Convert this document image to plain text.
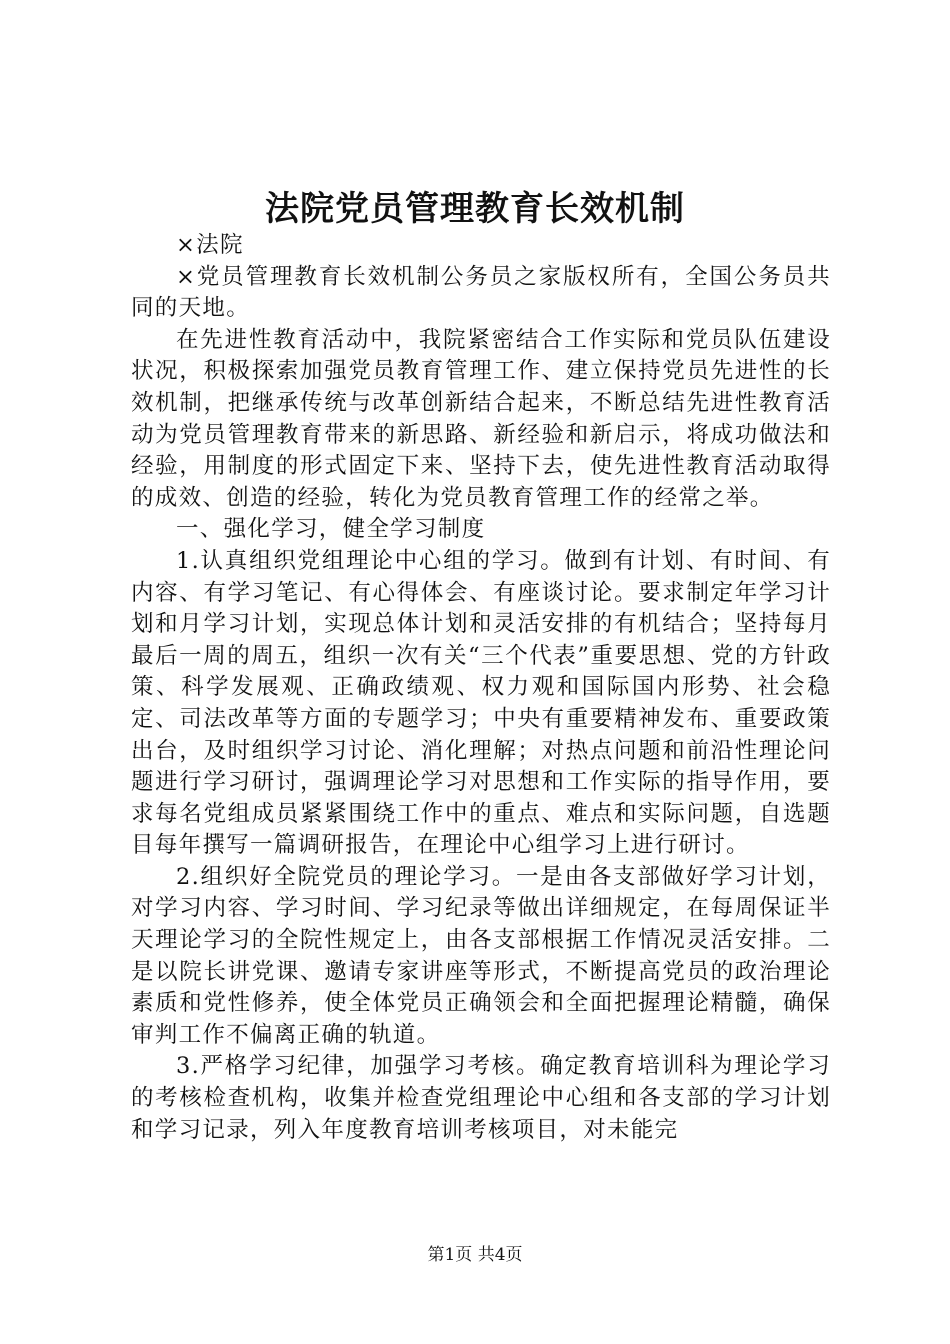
法院党员管理教育长效机制

×法院

×党员管理教育长效机制公务员之家版权所有，全国公务员共同的天地。

在先进性教育活动中，我院紧密结合工作实际和党员队伍建设状况，积极探索加强党员教育管理工作、建立保持党员先进性的长效机制，把继承传统与改革创新结合起来，不断总结先进性教育活动为党员管理教育带来的新思路、新经验和新启示，将成功做法和经验，用制度的形式固定下来、坚持下去，使先进性教育活动取得的成效、创造的经验，转化为党员教育管理工作的经常之举。

一、强化学习，健全学习制度

1.认真组织党组理论中心组的学习。做到有计划、有时间、有内容、有学习笔记、有心得体会、有座谈讨论。要求制定年学习计划和月学习计划，实现总体计划和灵活安排的有机结合；坚持每月最后一周的周五，组织一次有关“三个代表”重要思想、党的方针政策、科学发展观、正确政绩观、权力观和国际国内形势、社会稳定、司法改革等方面的专题学习；中央有重要精神发布、重要政策出台，及时组织学习讨论、消化理解；对热点问题和前沿性理论问题进行学习研讨，强调理论学习对思想和工作实际的指导作用，要求每名党组成员紧紧围绕工作中的重点、难点和实际问题，自选题目每年撰写一篇调研报告，在理论中心组学习上进行研讨。

2.组织好全院党员的理论学习。一是由各支部做好学习计划，对学习内容、学习时间、学习纪录等做出详细规定，在每周保证半天理论学习的全院性规定上，由各支部根据工作情况灵活安排。二是以院长讲党课、邀请专家讲座等形式，不断提高党员的政治理论素质和党性修养，使全体党员正确领会和全面把握理论精髓，确保审判工作不偏离正确的轨道。

3.严格学习纪律，加强学习考核。确定教育培训科为理论学习的考核检查机构，收集并检查党组理论中心组和各支部的学习计划和学习记录，列入年度教育培训考核项目，对未能完

第1页 共4页
